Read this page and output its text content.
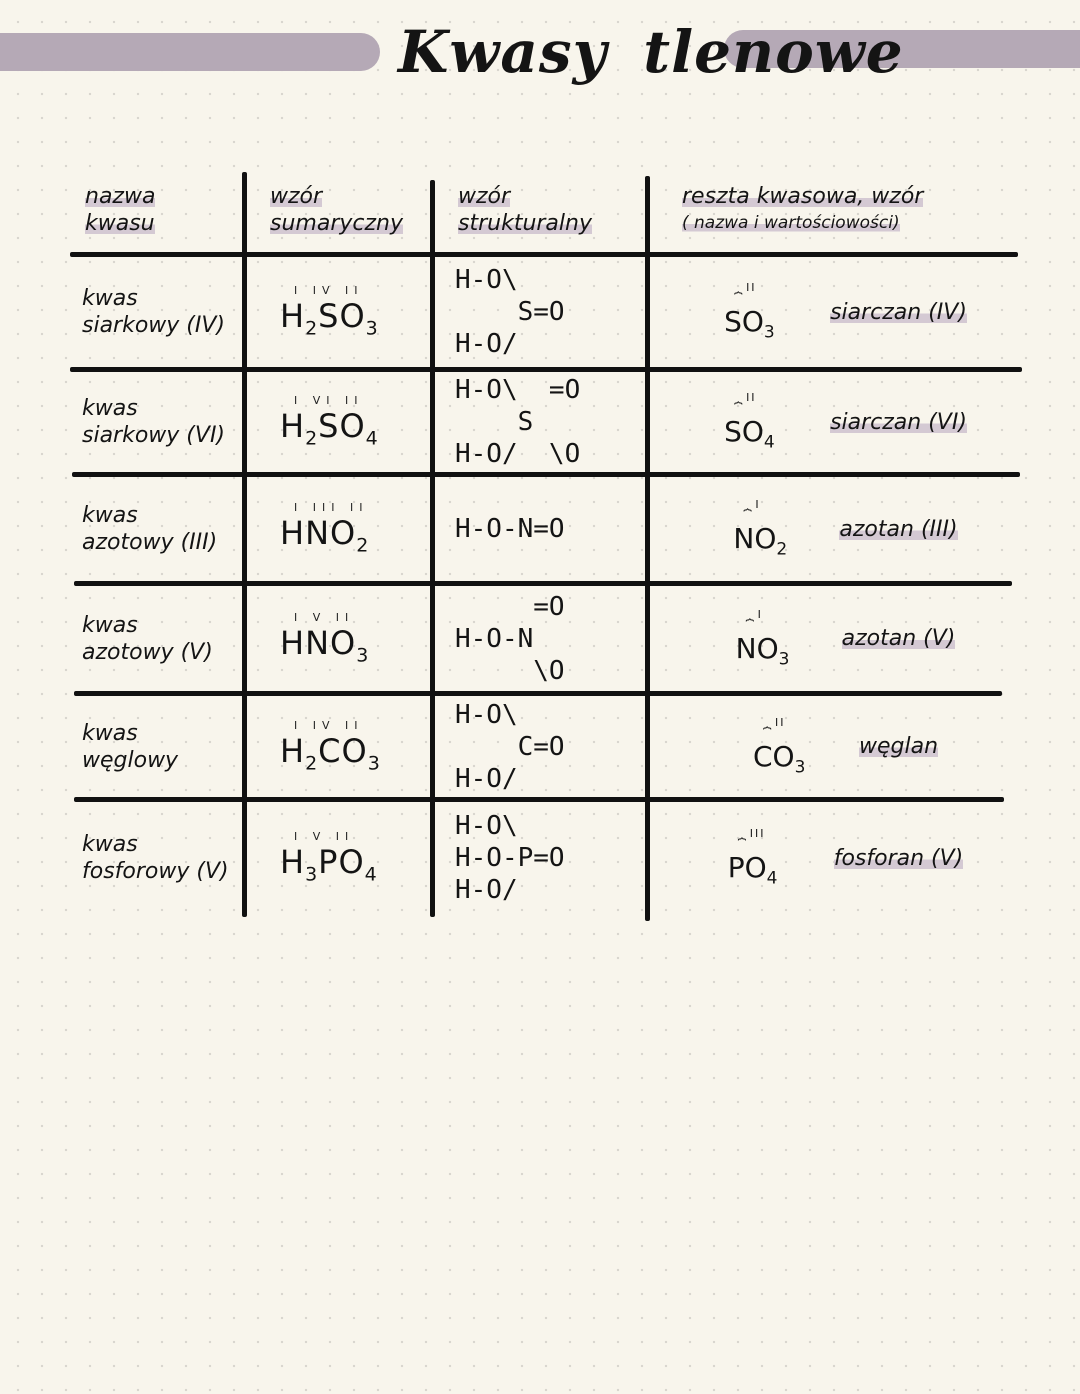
Kwasy tlenowe
nazwa
kwasu
wzór
sumaryczny
wzór
strukturalny
reszta kwasowa, wzór
( nazwa i wartościowości)
kwas
siarkowy (IV)
I IV II
$H_2SO_3$
H-O\
S=O
H-O/
II
⏞
$SO_3$
siarczan (IV)
kwas
siarkowy (VI)
I VI II
$H_2SO_4$
H-O\  =O
S
H-O/  \O
II
⏞
$SO_4$
siarczan (VI)
kwas
azotowy (III)
I III II
$HNO_2$
H-O-N=O
I
⏞
$NO_2$
azotan (III)
kwas
azotowy (V)
I V II
$HNO_3$
=O
H-O-N
\O
I
⏞
$NO_3$
azotan (V)
kwas
węglowy
I IV II
$H_2CO_3$
H-O\
C=O
H-O/
II
⏞
$CO_3$
węglan
kwas
fosforowy (V)
I V II
$H_3PO_4$
H-O\
H-O-P=O
H-O/
III
⏞
$PO_4$
fosforan (V)
